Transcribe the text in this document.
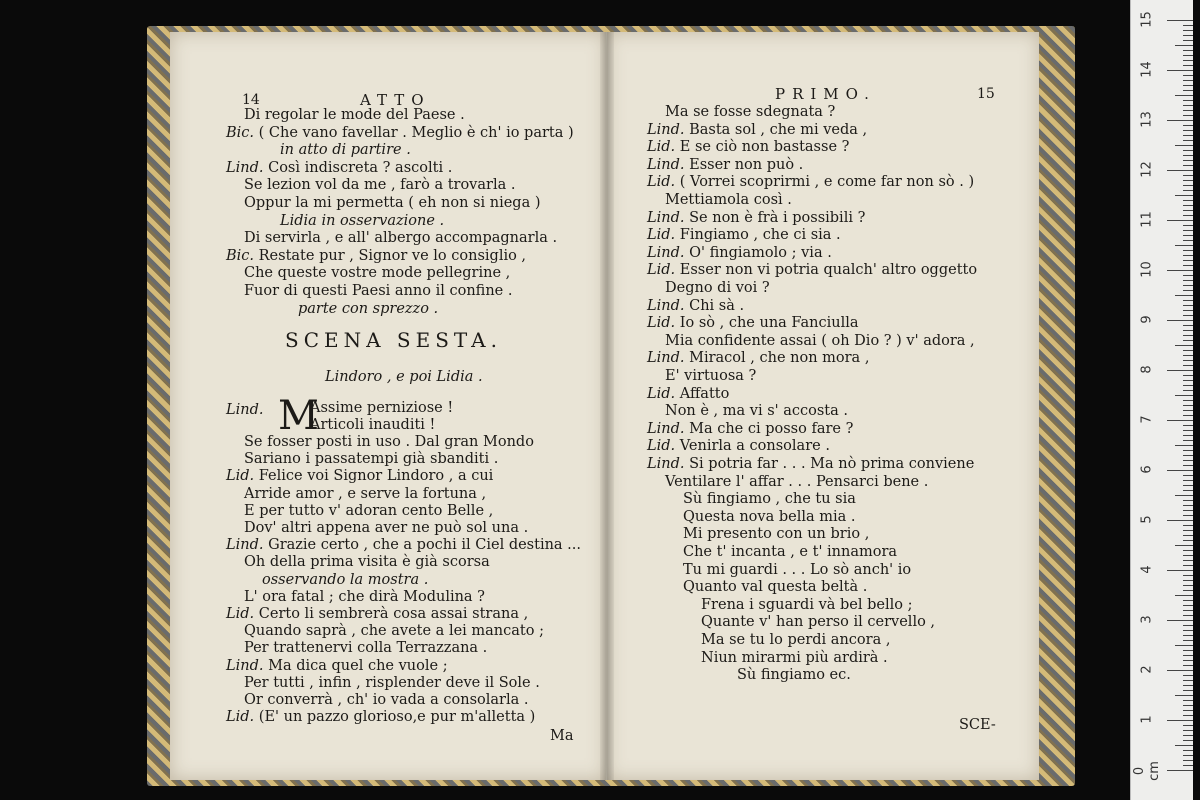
14	ATTO
SCENA SESTA.
Lindoro , e poi Lidia .
Lind. M
Assime perniziose !
Articoli inauditi !
Ma
Di regolar le mode del Paese .
Bic. ( Che vano favellar . Meglio è ch' io parta )
in atto di partire .
Lind. Così indiscreta ? ascolti .
Se lezion vol da me , farò a trovarla .
Oppur la mi permetta ( eh non si niega )
Lidia in osservazione .
Di servirla , e all' albergo accompagnarla .
Bic. Restate pur , Signor ve lo consiglio ,
Che queste vostre mode pellegrine ,
Fuor di questi Paesi anno il confine .
parte con sprezzo .
Se fosser posti in uso . Dal gran Mondo
Sariano i passatempi già sbanditi .
Lid. Felice voi Signor Lindoro , a cui
Arride amor , e serve la fortuna ,
E per tutto v' adoran cento Belle ,
Dov' altri appena aver ne può sol una .
Lind. Grazie certo , che a pochi il Ciel destina ...
Oh della prima visita è già scorsa
osservando la mostra .
L' ora fatal ; che dirà Modulina ?
Lid. Certo li sembrerà cosa assai strana ,
Quando saprà , che avete a lei mancato ;
Per trattenervi colla Terrazzana .
Lind. Ma dica quel che vuole ;
Per tutti , infin , risplender deve il Sole .
Or converrà , ch' io vada a consolarla .
Lid. (E' un pazzo glorioso,e pur m'alletta )
PRIMO.	15
SCE-
Ma se fosse sdegnata ?
Lind. Basta sol , che mi veda ,
Lid. E se ciò non bastasse ?
Lind. Esser non può .
Lid. ( Vorrei scoprirmi , e come far non sò . )
Mettiamola così .
Lind. Se non è frà i possibili ?
Lid. Fingiamo , che ci sia .
Lind. O' fingiamolo ; via .
Lid. Esser non vi potria qualch' altro oggetto
Degno di voi ?
Lind. Chi sà .
Lid. Io sò , che una Fanciulla
Mia confidente assai ( oh Dio ? ) v' adora ,
Lind. Miracol , che non mora ,
E' virtuosa ?
Lid. Affatto
Non è , ma vi s' accosta .
Lind. Ma che ci posso fare ?
Lid. Venirla a consolare .
Lind. Si potria far . . . Ma nò prima conviene
Ventilare l' affar . . . Pensarci bene .
Sù fingiamo , che tu sia
Questa nova bella mia .
Mi presento con un brio ,
Che t' incanta , e t' innamora
Tu mi guardi . . . Lo sò anch' io
Quanto val questa beltà .
Frena i sguardi và bel bello ;
Quante v' han perso il cervello ,
Ma se tu lo perdi ancora ,
Niun mirarmi più ardirà .
Sù fingiamo ec.
15
14
13
12
11
10
9
8
7
6
5
4
3
2
1
0 cm
